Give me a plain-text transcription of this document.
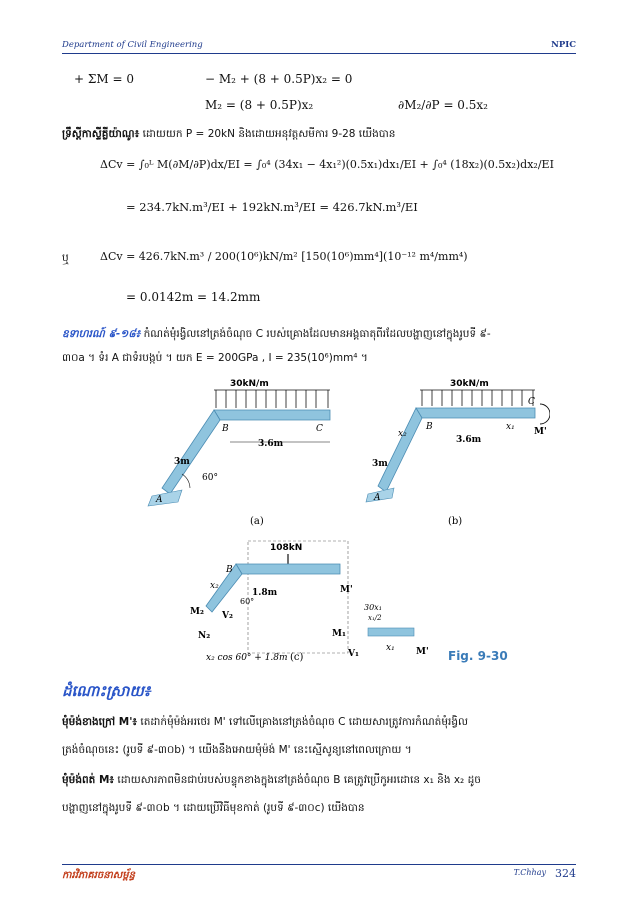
Department of Civil Engineering	NPIC
+ ΣM = 0	− M₂ + (8 + 0.5P)x₂ = 0
M₂ = (8 + 0.5P)x₂	∂M₂/∂P = 0.5x₂
ទ្រឹស្តីកាស្ទីគ្លីយ៉ាណូ៖ ដោយយក P = 20kN និងដោយអនុវត្តសមីការ 9-28 យើងបាន
ΔCv = ∫₀ᴸ M(∂M/∂P)dx/EI = ∫₀⁴ (34x₁ − 4x₁²)(0.5x₁)dx₁/EI + ∫₀⁴ (18x₂)(0.5x₂)dx₂/EI
= 234.7kN.m³/EI + 192kN.m³/EI = 426.7kN.m³/EI
ឬ	ΔCv = 426.7kN.m³ / 200(10⁶)kN/m² [150(10⁶)mm⁴](10⁻¹² m⁴/mm⁴)
= 0.0142m = 14.2mm
ឧទាហរណ៍ ៩-១៨៖ កំណត់មុំរង្វិលនៅត្រង់ចំណុច C របស់គ្រោងដែលមានអង្គធាតុពីរដែលបង្ហាញនៅក្នុងរូបទី ៩-
៣០a ។ ទំរ A ជាទំរបង្កប់ ។ យក E = 200GPa , I = 235(10⁶)mm⁴ ។
30kN/m
B	C
A
3m
3.6m
60°
(a)
30kN/m
B
C
A
3m
3.6m
x₁
x₂	M'
(b)
108kN
B
x₂
60°
1.8m	M'
M₂ V₂
N₂
x₂ cos 60° + 1.8m (c)
30x₁
x₁/2
M₁
V₁
x₁ M' Fig. 9-30
ដំណោះស្រាយ៖
មុំម៉ង់ខាងក្រៅ M'៖ តេដាក់មុំម៉ង់អរថេរ M' ទៅលើគ្រោងនៅត្រង់ចំណុច C ដោយសារត្រូវការកំណត់មុំរង្វិល
ត្រង់ចំណុចនេះ (រូបទី ៩-៣០b) ។ យើងនឹងអោយមុំម៉ង់ M' នេះស្មើសូន្យនៅពេលក្រោយ ។
មុំម៉ង់ពត់ M៖ ដោយសារភាពមិនជាប់របស់បន្ទុកខាងក្នុងនៅត្រង់ចំណុច B គេត្រូវប្រើកូអរដោនេ x₁ និង x₂ ដូច
បង្ហាញនៅក្នុងរូបទី ៩-៣០b ។ ដោយប្រើវិធីមុខកាត់ (រូបទី ៩-៣០c) យើងបាន
ការវិភាគរចនាសម្ព័ន្ធ	T.Chhay 324
